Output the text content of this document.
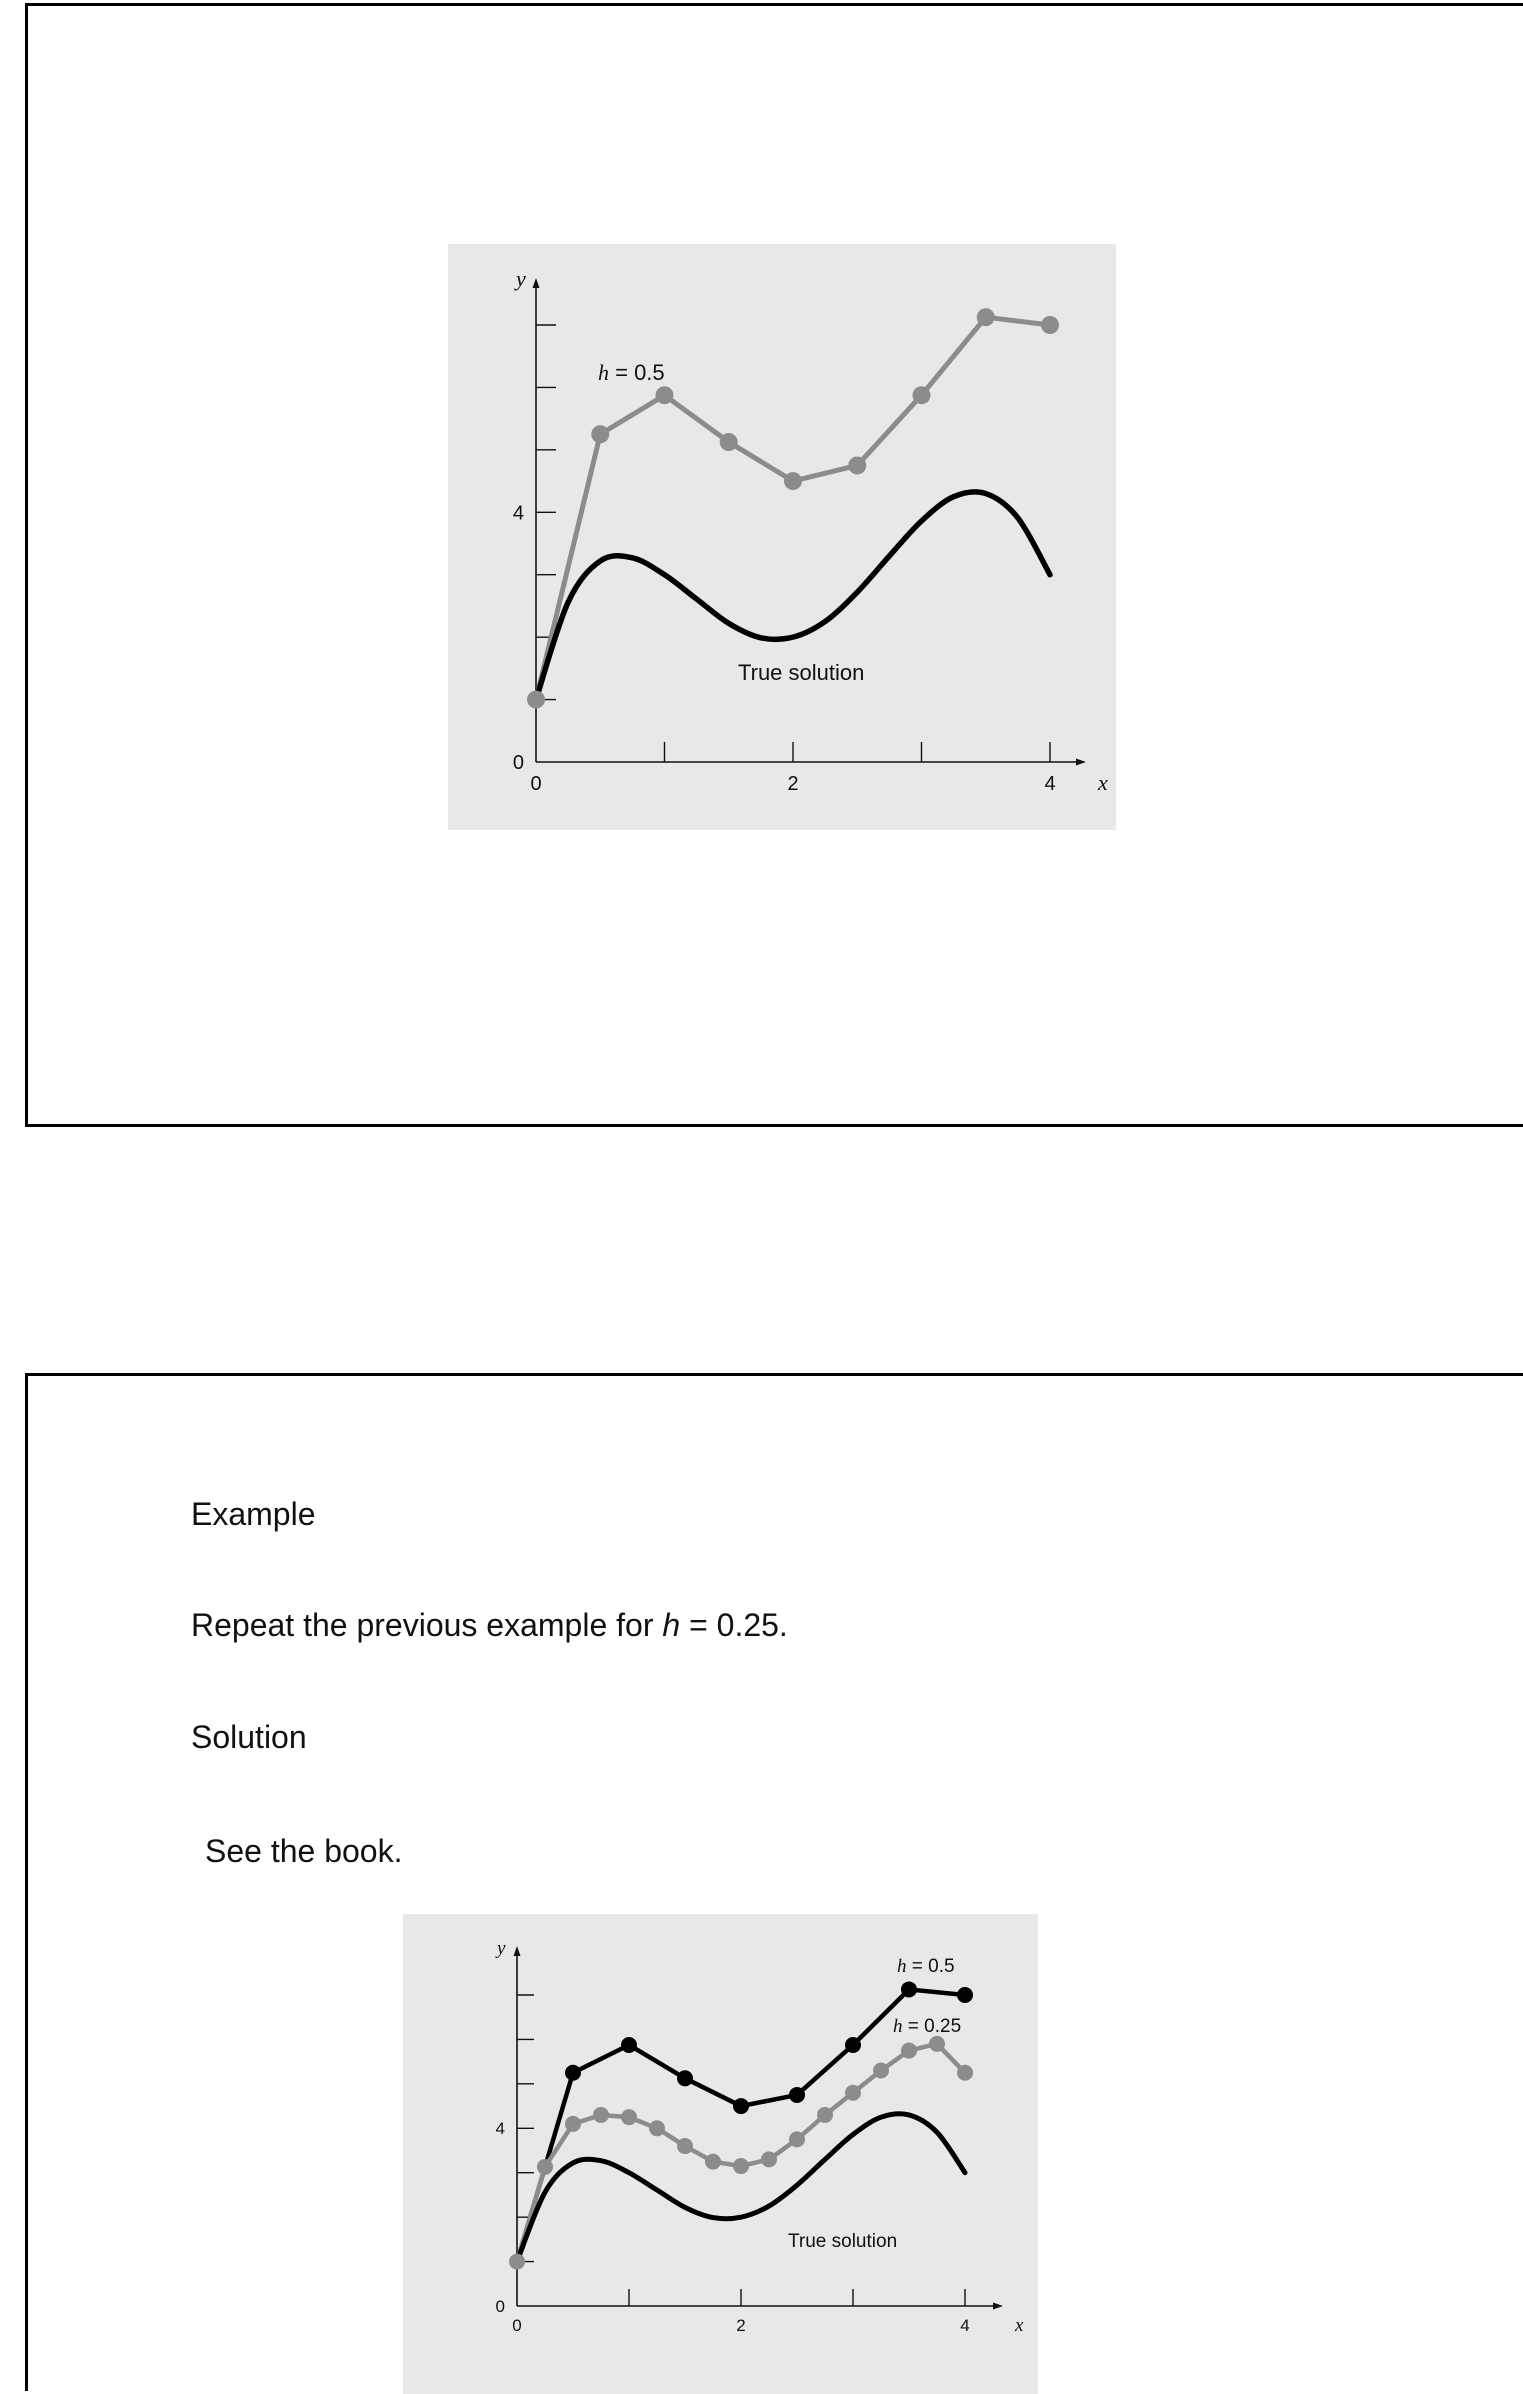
0	2	4
0
4
x
y
h = 0.5
True solution
Example
Repeat the previous example for h = 0.25.
Solution
See the book.
0	2	4
0
4
x
y
h = 0.5
h = 0.25
True solution
